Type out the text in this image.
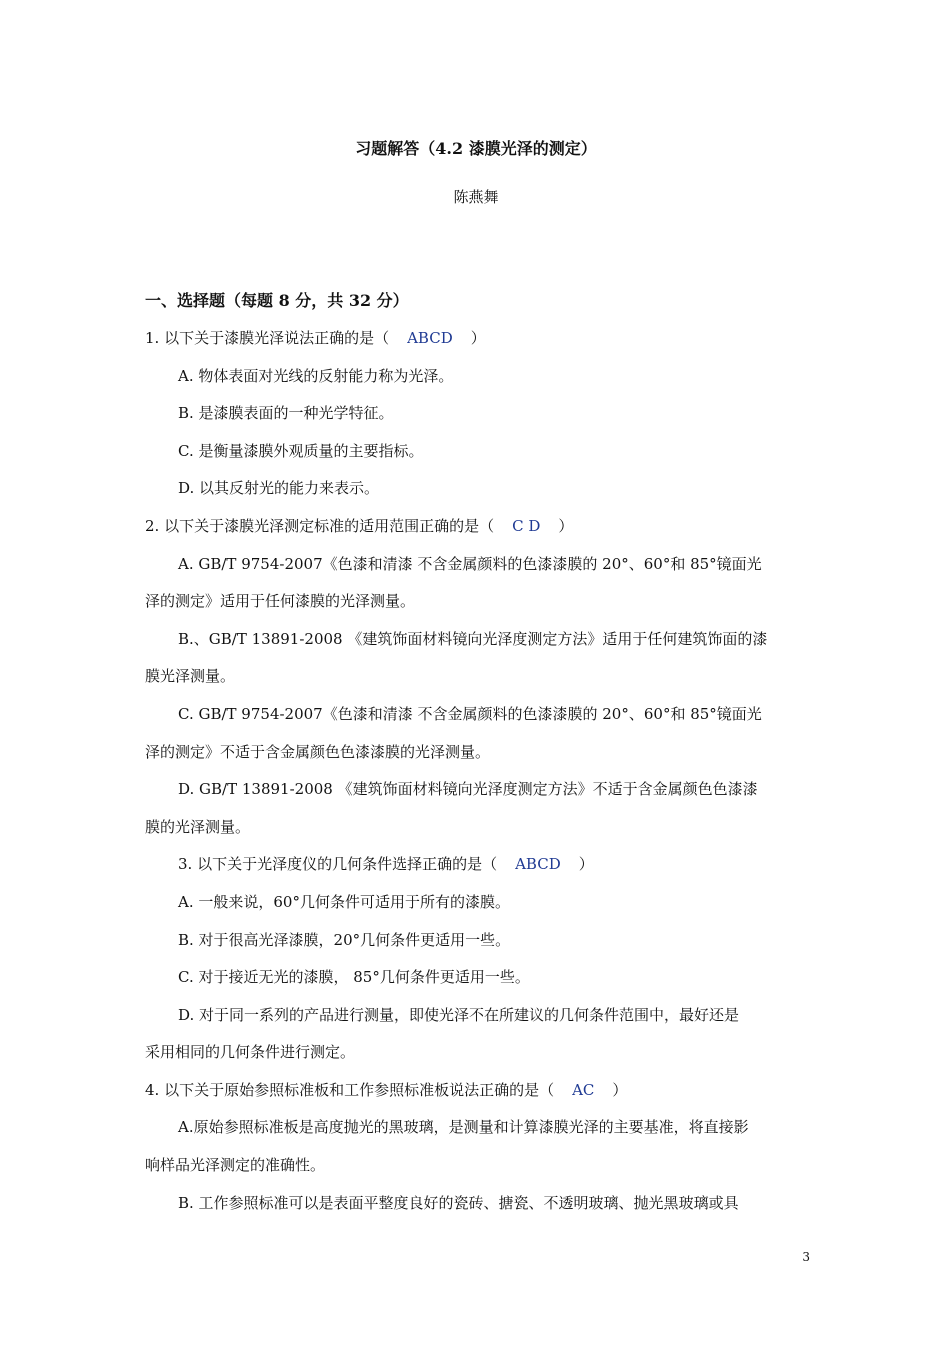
习题解答（4.2 漆膜光泽的测定）
陈燕舞
一、选择题（每题 8 分，共 32 分）
1. 以下关于漆膜光泽说法正确的是（ ABCD ）
A. 物体表面对光线的反射能力称为光泽。
B. 是漆膜表面的一种光学特征。
C. 是衡量漆膜外观质量的主要指标。
D. 以其反射光的能力来表示。
2. 以下关于漆膜光泽测定标准的适用范围正确的是（ C D ）
A. GB/T 9754-2007《色漆和清漆 不含金属颜料的色漆漆膜的 20°、60°和 85°镜面光
泽的测定》适用于任何漆膜的光泽测量。
B.、GB/T 13891-2008 《建筑饰面材料镜向光泽度测定方法》适用于任何建筑饰面的漆
膜光泽测量。
C. GB/T 9754-2007《色漆和清漆 不含金属颜料的色漆漆膜的 20°、60°和 85°镜面光
泽的测定》不适于含金属颜色色漆漆膜的光泽测量。
D. GB/T 13891-2008 《建筑饰面材料镜向光泽度测定方法》不适于含金属颜色色漆漆
膜的光泽测量。
3. 以下关于光泽度仪的几何条件选择正确的是（ ABCD ）
A. 一般来说，60°几何条件可适用于所有的漆膜。
B. 对于很高光泽漆膜，20°几何条件更适用一些。
C. 对于接近无光的漆膜， 85°几何条件更适用一些。
D. 对于同一系列的产品进行测量，即使光泽不在所建议的几何条件范围中，最好还是
采用相同的几何条件进行测定。
4. 以下关于原始参照标准板和工作参照标准板说法正确的是（ AC ）
A.原始参照标准板是高度抛光的黑玻璃，是测量和计算漆膜光泽的主要基准，将直接影
响样品光泽测定的准确性。
B. 工作参照标准可以是表面平整度良好的瓷砖、搪瓷、不透明玻璃、抛光黑玻璃或具
3
